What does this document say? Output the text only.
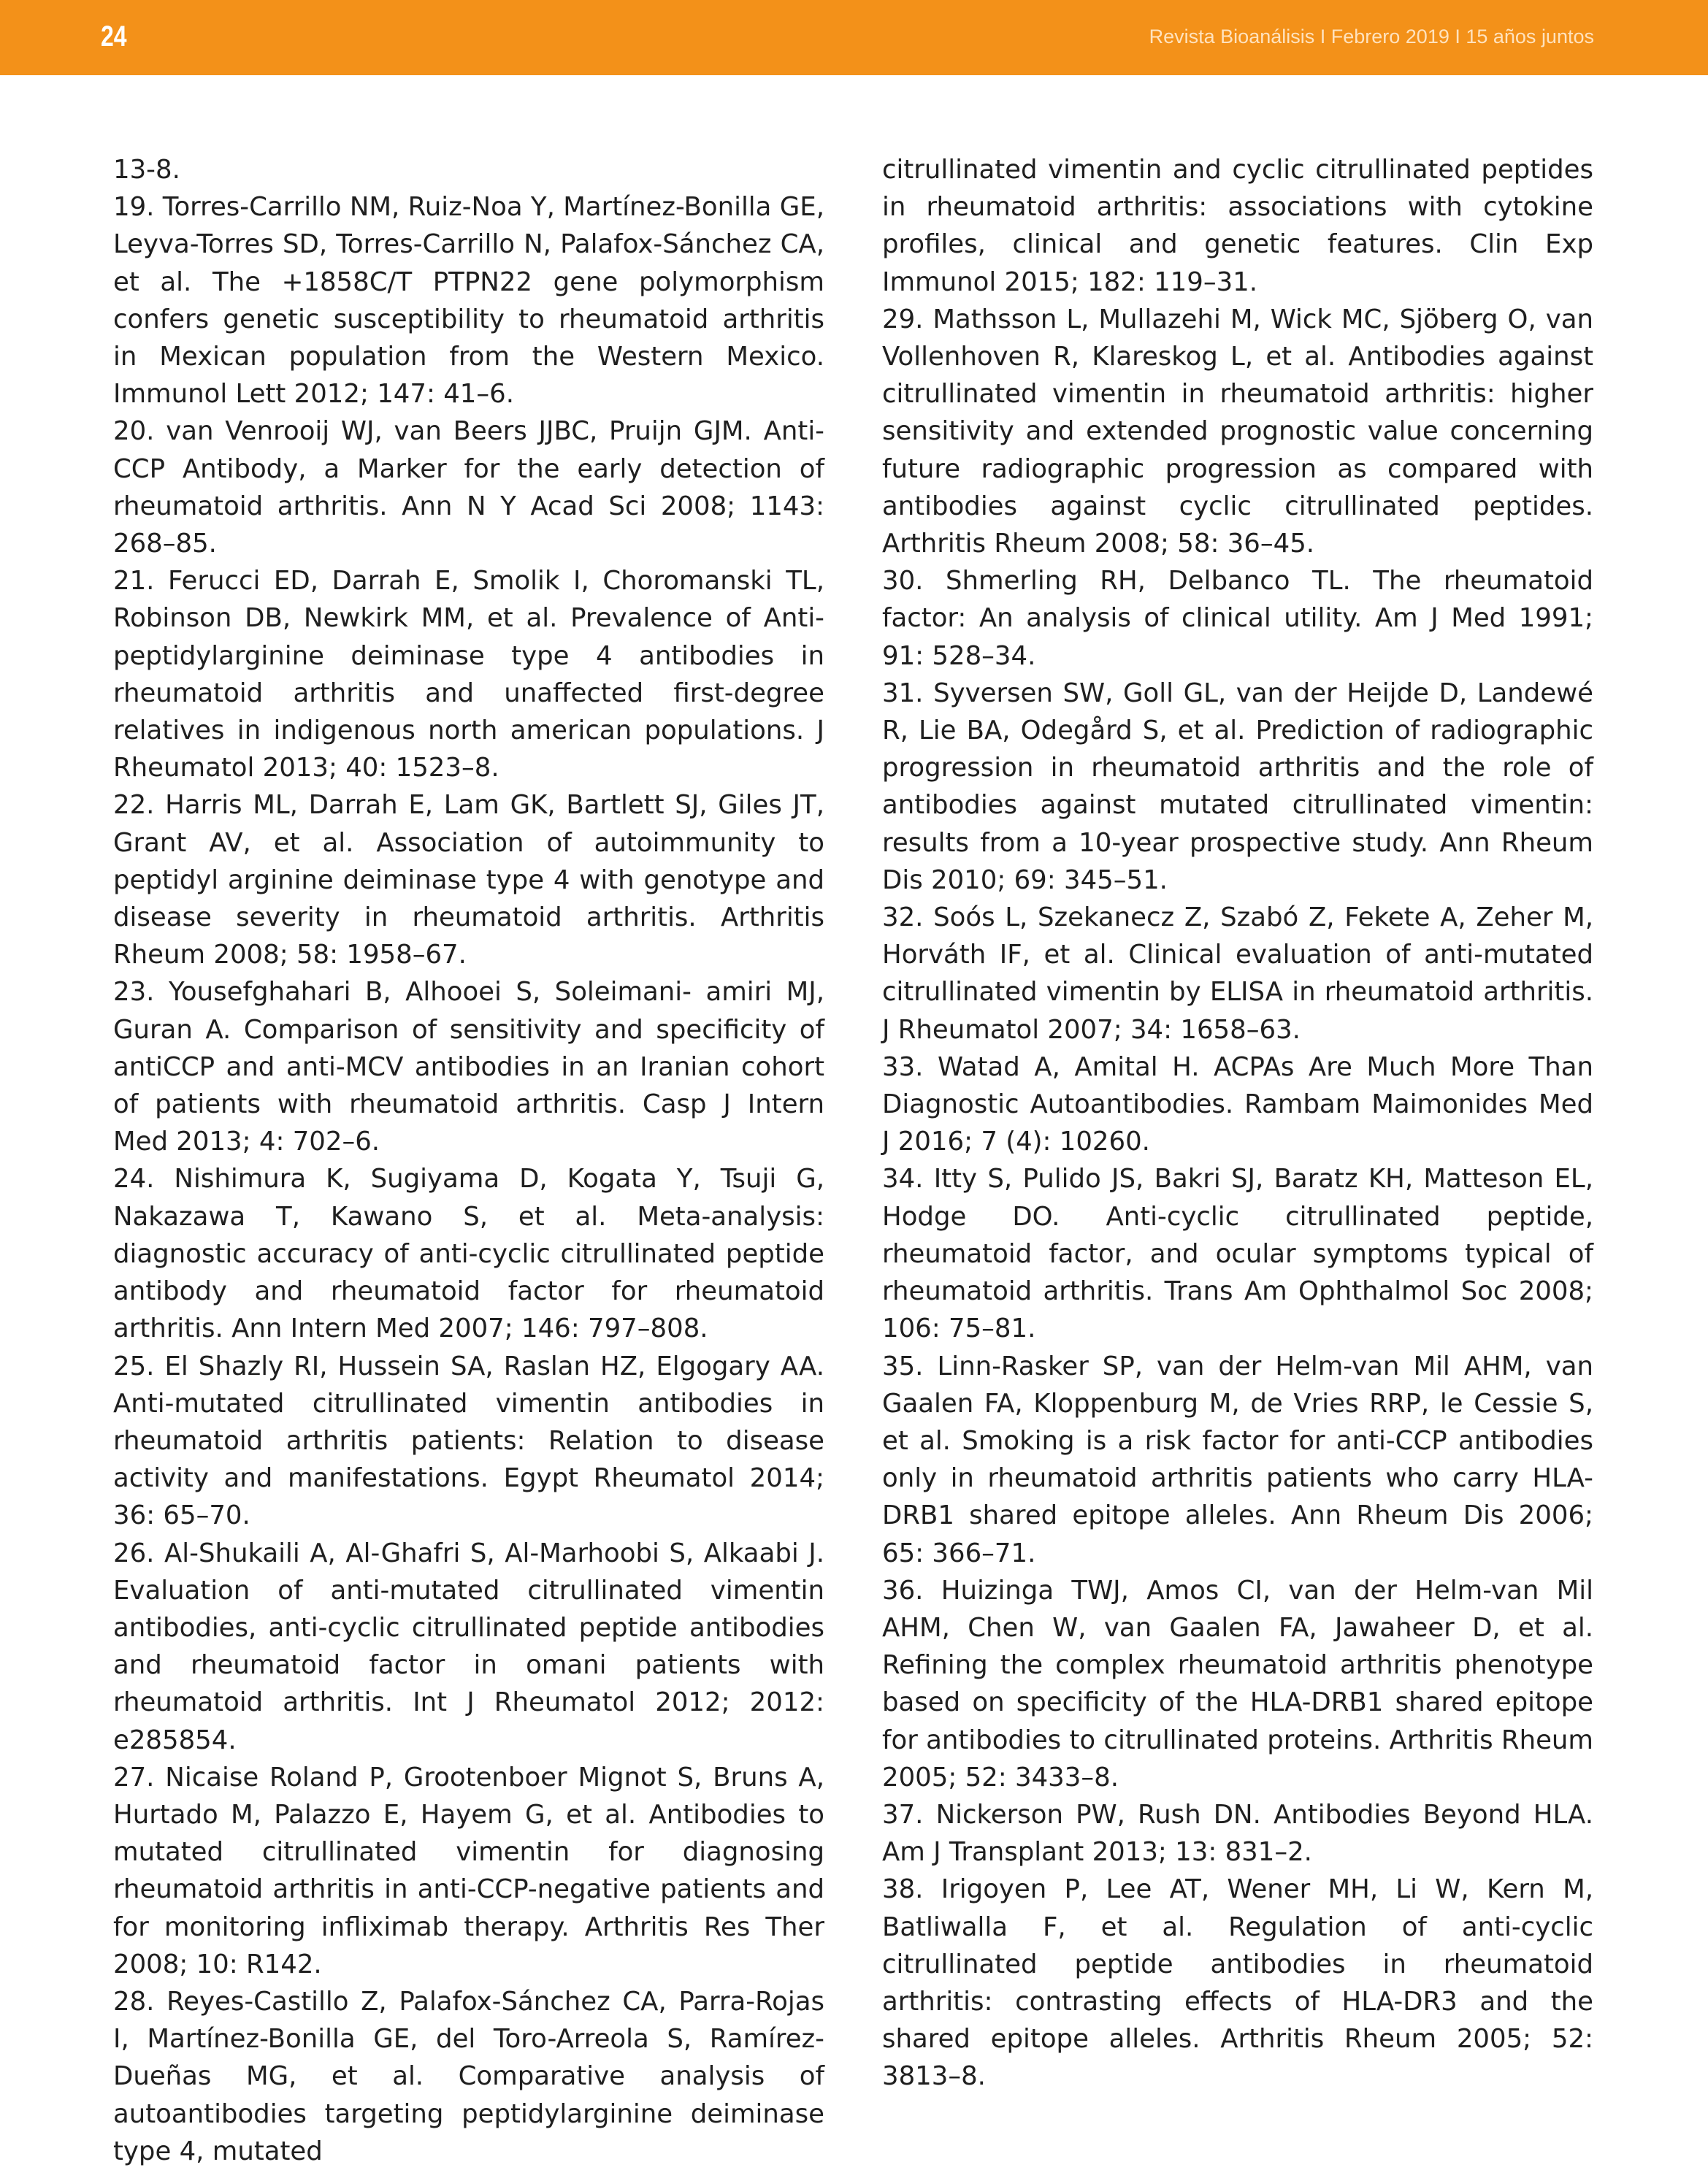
24	Revista Bioanálisis I Febrero 2019 I 15 años juntos

13-8.

19. Torres-Carrillo NM, Ruiz-Noa Y, Martínez-Bonilla GE, Leyva-Torres SD, Torres-Carrillo N, Palafox-Sánchez CA, et al. The +1858C/T PTPN22 gene polymorphism confers genetic susceptibility to rheumatoid arthritis in Mexican population from the Western Mexico. Immunol Lett 2012; 147: 41–6.

20. van Venrooij WJ, van Beers JJBC, Pruijn GJM. Anti-CCP Antibody, a Marker for the early detection of rheumatoid arthritis. Ann N Y Acad Sci 2008; 1143: 268–85.

21. Ferucci ED, Darrah E, Smolik I, Choromanski TL, Robinson DB, Newkirk MM, et al. Prevalence of Anti-peptidylarginine deiminase type 4 antibodies in rheumatoid arthritis and unaffected first-degree relatives in indigenous north american populations. J Rheumatol 2013; 40: 1523–8.

22. Harris ML, Darrah E, Lam GK, Bartlett SJ, Giles JT, Grant AV, et al. Association of autoimmunity to peptidyl arginine deiminase type 4 with genotype and disease severity in rheumatoid arthritis. Arthritis Rheum 2008; 58: 1958–67.

23. Yousefghahari B, Alhooei S, Soleimani- amiri MJ, Guran A. Comparison of sensitivity and specificity of antiCCP and anti-MCV antibodies in an Iranian cohort of patients with rheumatoid arthritis. Casp J Intern Med 2013; 4: 702–6.

24. Nishimura K, Sugiyama D, Kogata Y, Tsuji G, Nakazawa T, Kawano S, et al. Meta-analysis: diagnostic accuracy of anti-cyclic citrullinated peptide antibody and rheumatoid factor for rheumatoid arthritis. Ann Intern Med 2007; 146: 797–808.

25. El Shazly RI, Hussein SA, Raslan HZ, Elgogary AA. Anti-mutated citrullinated vimentin antibodies in rheumatoid arthritis patients: Relation to disease activity and manifestations. Egypt Rheumatol 2014; 36: 65–70.

26. Al-Shukaili A, Al-Ghafri S, Al-Marhoobi S, Alkaabi J. Evaluation of anti-mutated citrullinated vimentin antibodies, anti-cyclic citrullinated peptide antibodies and rheumatoid factor in omani patients with rheumatoid arthritis. Int J Rheumatol 2012; 2012: e285854.

27. Nicaise Roland P, Grootenboer Mignot S, Bruns A, Hurtado M, Palazzo E, Hayem G, et al. Antibodies to mutated citrullinated vimentin for diagnosing rheumatoid arthritis in anti-CCP-negative patients and for monitoring infliximab therapy. Arthritis Res Ther 2008; 10: R142.

28. Reyes-Castillo Z, Palafox-Sánchez CA, Parra-Rojas I, Martínez-Bonilla GE, del Toro-Arreola S, Ramírez-Dueñas MG, et al. Comparative analysis of autoantibodies targeting peptidylarginine deiminase type 4, mutated

citrullinated vimentin and cyclic citrullinated peptides in rheumatoid arthritis: associations with cytokine profiles, clinical and genetic features. Clin Exp Immunol 2015; 182: 119–31.

29. Mathsson L, Mullazehi M, Wick MC, Sjöberg O, van Vollenhoven R, Klareskog L, et al. Antibodies against citrullinated vimentin in rheumatoid arthritis: higher sensitivity and extended prognostic value concerning future radiographic progression as compared with antibodies against cyclic citrullinated peptides. Arthritis Rheum 2008; 58: 36–45.

30. Shmerling RH, Delbanco TL. The rheumatoid factor: An analysis of clinical utility. Am J Med 1991; 91: 528–34.

31. Syversen SW, Goll GL, van der Heijde D, Landewé R, Lie BA, Odegård S, et al. Prediction of radiographic progression in rheumatoid arthritis and the role of antibodies against mutated citrullinated vimentin: results from a 10-year prospective study. Ann Rheum Dis 2010; 69: 345–51.

32. Soós L, Szekanecz Z, Szabó Z, Fekete A, Zeher M, Horváth IF, et al. Clinical evaluation of anti-mutated citrullinated vimentin by ELISA in rheumatoid arthritis. J Rheumatol 2007; 34: 1658–63.

33. Watad A, Amital H. ACPAs Are Much More Than Diagnostic Autoantibodies. Rambam Maimonides Med J 2016; 7 (4): 10260.

34. Itty S, Pulido JS, Bakri SJ, Baratz KH, Matteson EL, Hodge DO. Anti-cyclic citrullinated peptide, rheumatoid factor, and ocular symptoms typical of rheumatoid arthritis. Trans Am Ophthalmol Soc 2008; 106: 75–81.

35. Linn-Rasker SP, van der Helm-van Mil AHM, van Gaalen FA, Kloppenburg M, de Vries RRP, le Cessie S, et al. Smoking is a risk factor for anti-CCP antibodies only in rheumatoid arthritis patients who carry HLA-DRB1 shared epitope alleles. Ann Rheum Dis 2006; 65: 366–71.

36. Huizinga TWJ, Amos CI, van der Helm-van Mil AHM, Chen W, van Gaalen FA, Jawaheer D, et al. Refining the complex rheumatoid arthritis phenotype based on specificity of the HLA-DRB1 shared epitope for antibodies to citrullinated proteins. Arthritis Rheum 2005; 52: 3433–8.

37. Nickerson PW, Rush DN. Antibodies Beyond HLA. Am J Transplant 2013; 13: 831–2.

38. Irigoyen P, Lee AT, Wener MH, Li W, Kern M, Batliwalla F, et al. Regulation of anti-cyclic citrullinated peptide antibodies in rheumatoid arthritis: contrasting effects of HLA-DR3 and the shared epitope alleles. Arthritis Rheum 2005; 52: 3813–8.
